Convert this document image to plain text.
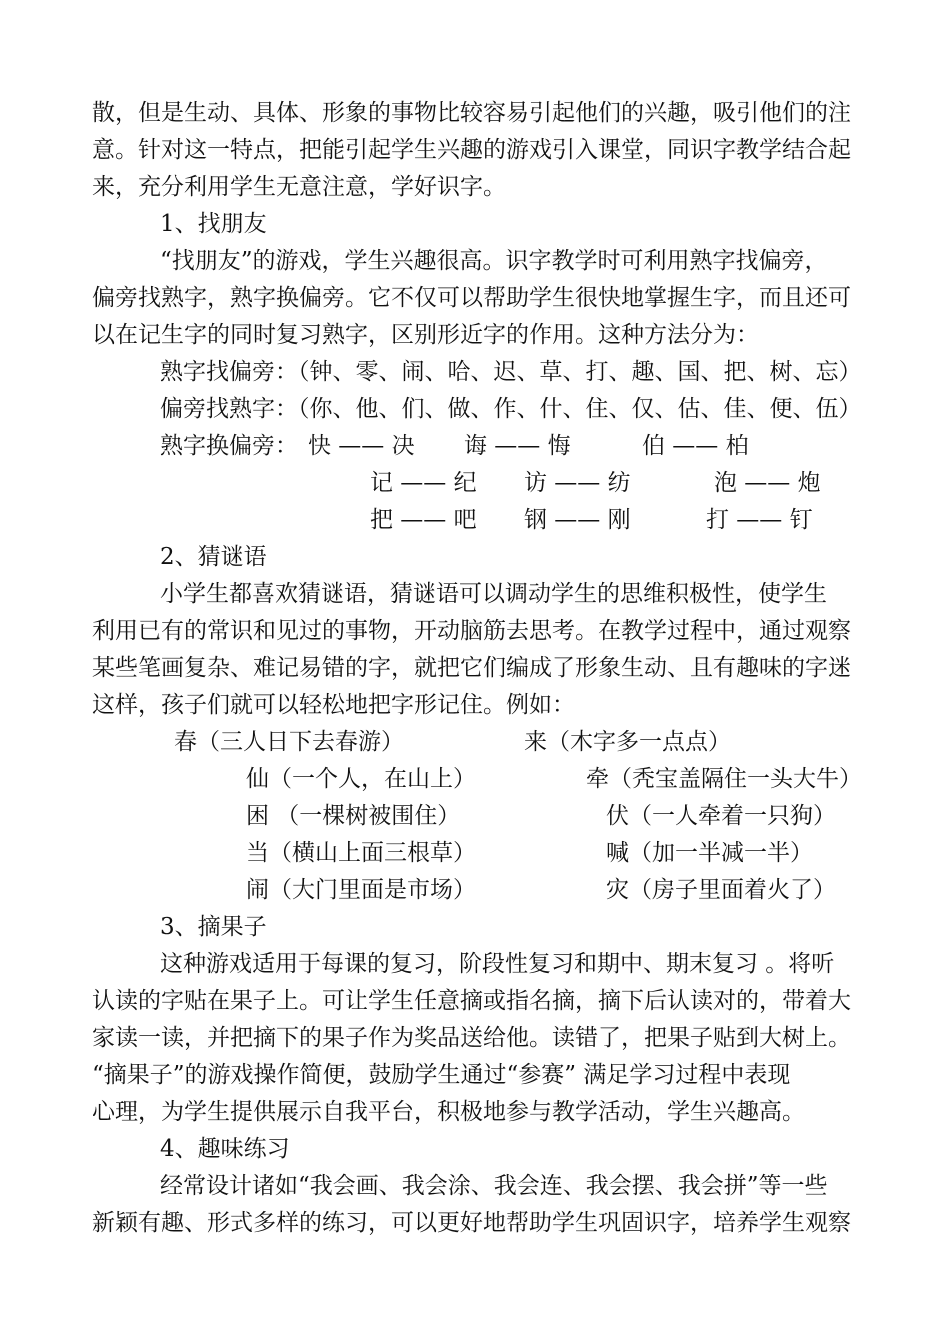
散，但是生动、具体、形象的事物比较容易引起他们的兴趣，吸引他们的注
意。针对这一特点，把能引起学生兴趣的游戏引入课堂，同识字教学结合起
来，充分利用学生无意注意，学好识字。
1、找朋友
“找朋友”的游戏，学生兴趣很高。识字教学时可利用熟字找偏旁，
偏旁找熟字，熟字换偏旁。它不仅可以帮助学生很快地掌握生字，而且还可
以在记生字的同时复习熟字，区别形近字的作用。这种方法分为：
熟字找偏旁：（钟、零、闹、哈、迟、草、打、趣、国、把、树、忘）
偏旁找熟字：（你、他、们、做、作、什、住、仅、估、佳、便、伍）
熟字换偏旁： 快 —— 决 诲 —— 悔	伯 —— 柏
记 —— 纪 访 —— 纺	泡 —— 炮
把 —— 吧 钢 —— 刚	打 —— 钉
2、猜谜语
小学生都喜欢猜谜语，猜谜语可以调动学生的思维积极性，使学生
利用已有的常识和见过的事物，开动脑筋去思考。在教学过程中，通过观察
某些笔画复杂、难记易错的字，就把它们编成了形象生动、且有趣味的字迷
这样，孩子们就可以轻松地把字形记住。例如：
春（三人日下去春游）	来（木字多一点点）
仙（一个人，在山上）	牵（秃宝盖隔住一头大牛）
困 （一棵树被围住）	伏（一人牵着一只狗）
当（横山上面三根草）	喊（加一半减一半）
闹（大门里面是市场）	灾（房子里面着火了）
3、摘果子
这种游戏适用于每课的复习，阶段性复习和期中、期末复习 。将听
认读的字贴在果子上。可让学生任意摘或指名摘，摘下后认读对的，带着大
家读一读，并把摘下的果子作为奖品送给他。读错了，把果子贴到大树上。
“摘果子”的游戏操作简便，鼓励学生通过“参赛” 满足学习过程中表现
心理，为学生提供展示自我平台，积极地参与教学活动，学生兴趣高。
4、趣味练习
经常设计诸如“我会画、我会涂、我会连、我会摆、我会拼”等一些
新颖有趣、形式多样的练习，可以更好地帮助学生巩固识字，培养学生观察
